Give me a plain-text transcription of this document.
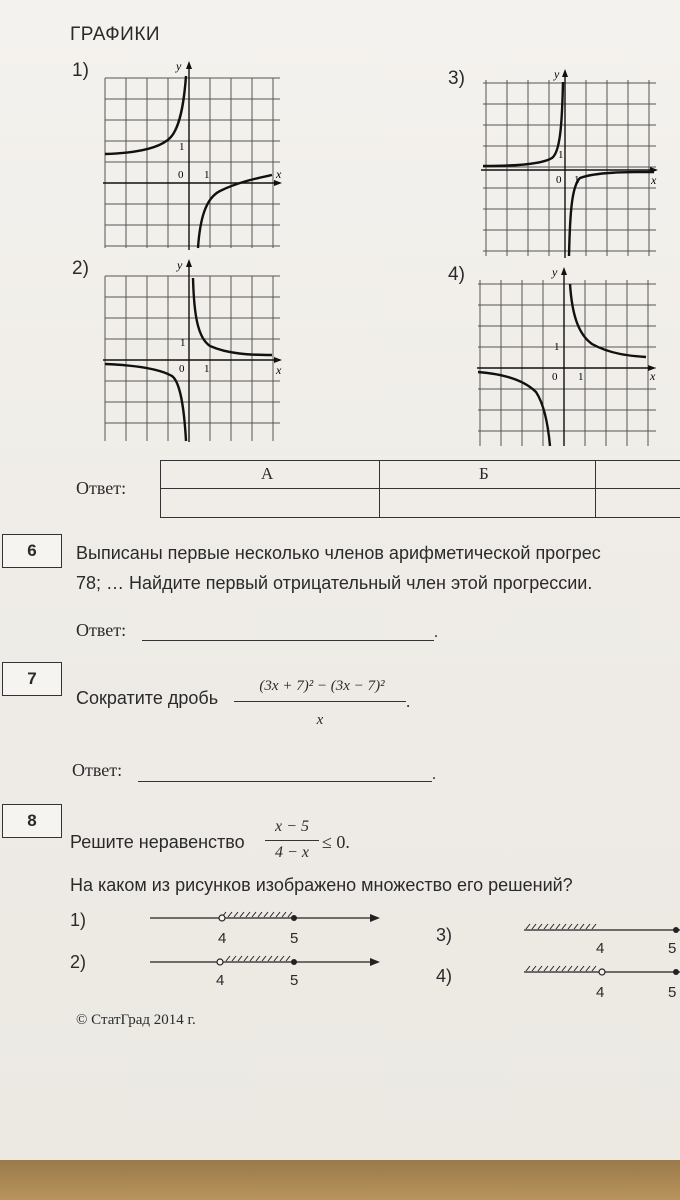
ГРАФИКИ
1)
2)
3)
4)
1
0 1	x
y
1
0 1	x
y
1
0 1	x
y
1
0 1	x
y
Ответ:
А	Б
6	Выписаны первые несколько членов арифметической прогрес
78; … Найдите первый отрицательный член этой прогрессии.
Ответ:	.
7
Сократите дробь
(3x + 7)² − (3x − 7)²
x
.
Ответ:	.
8
Решите неравенство
x − 5
4 − x
≤ 0.
На каком из рисунков изображено множество его решений?
1)
4	5
2)
4	5
3)
4	5
4)
4	5
© СтатГрад 2014 г.
